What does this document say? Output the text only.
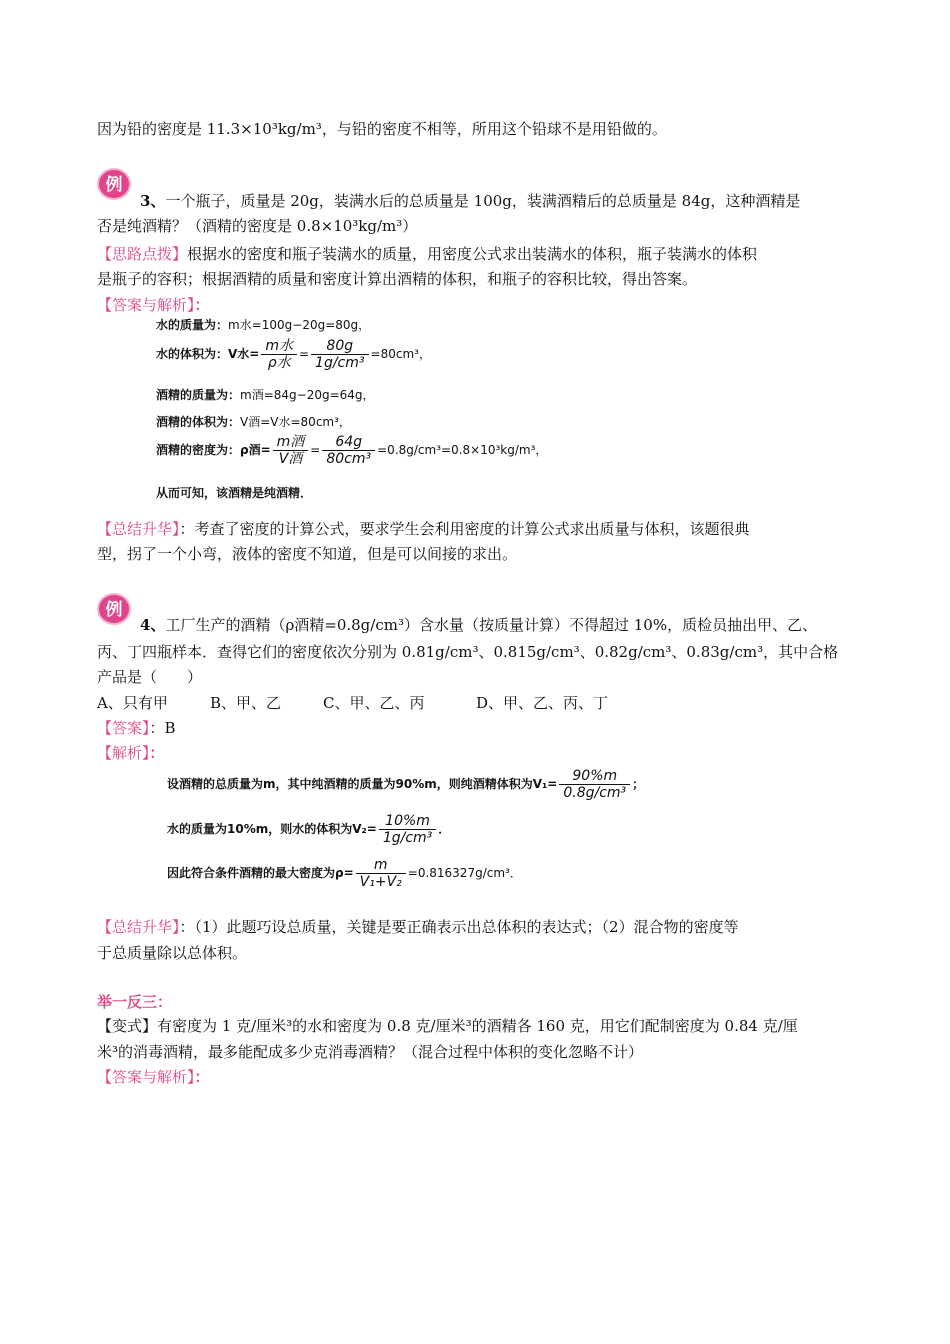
因为铅的密度是 11.3×10³kg/m³，与铅的密度不相等，所用这个铅球不是用铅做的。
例
3、一个瓶子，质量是 20g，装满水后的总质量是 100g，装满酒精后的总质量是 84g，这种酒精是
否是纯酒精？（酒精的密度是 0.8×10³kg/m³）
【思路点拨】根据水的密度和瓶子装满水的质量，用密度公式求出装满水的体积，瓶子装满水的体积
是瓶子的容积；根据酒精的质量和密度计算出酒精的体积，和瓶子的容积比较，得出答案。
【答案与解析】：
水的质量为：m水=100g−20g=80g，
水的体积为：V水= $\frac{\text{m水}}{\text{ρ水}} = \frac{80g}{\text{1g/cm³}} =80cm^3$，
酒精的质量为：m酒=84g−20g=64g，
酒精的体积为：V酒=V水=80cm³，
酒精的密度为：ρ酒= $\frac{\text{m酒}}{\text{V酒}} = \frac{64g}{\text{80cm³}} =0.8g/cm^3=0.8\times 10^3kg/m^3$，
从而可知，该酒精是纯酒精．
【总结升华】：考查了密度的计算公式，要求学生会利用密度的计算公式求出质量与体积，该题很典
型，拐了一个小弯，液体的密度不知道，但是可以间接的求出。
例
4、工厂生产的酒精（ρ酒精=0.8g/cm³）含水量（按质量计算）不得超过 10%，质检员抽出甲、乙、
丙、丁四瓶样本．查得它们的密度依次分别为 0.81g/cm³、0.815g/cm³、0.82g/cm³、0.83g/cm³，其中合格
产品是（　　）
A、只有甲	B、甲、乙	C、甲、乙、丙	D、甲、乙、丙、丁
【答案】：B
【解析】：
设酒精的总质量为m，其中纯酒精的质量为90%m，则纯酒精体积为$V_1= \frac{90\%m}{\text{0.8g/cm³}}$ ；
水的质量为10%m，则水的体积为$V_2= \frac{10\%m}{\text{1g/cm³}}$ ．
因此符合条件酒精的最大密度为$\rho= \frac{m}{\text{V₁+V₂}} =0.816327g/cm^3$．
【总结升华】：（1）此题巧设总质量，关键是要正确表示出总体积的表达式；（2）混合物的密度等
于总质量除以总体积。
举一反三：
【变式】有密度为 1 克/厘米³的水和密度为 0.8 克/厘米³的酒精各 160 克，用它们配制密度为 0.84 克/厘
米³的消毒酒精，最多能配成多少克消毒酒精？（混合过程中体积的变化忽略不计）
【答案与解析】：
